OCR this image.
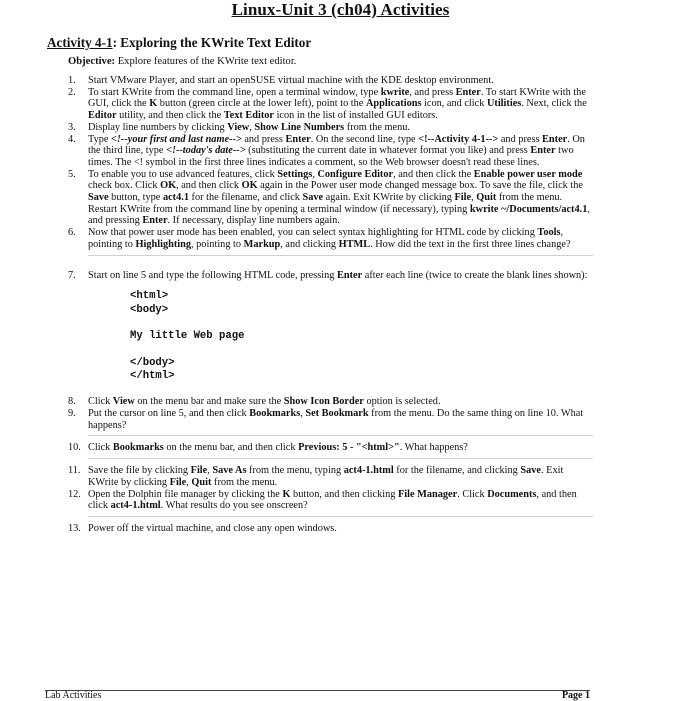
Linux-Unit 3 (ch04) Activities
Activity 4-1: Exploring the KWrite Text Editor
Objective: Explore features of the KWrite text editor.
1.	Start VMware Player, and start an openSUSE virtual machine with the KDE desktop environment.
2.	To start KWrite from the command line, open a terminal window, type kwrite, and press Enter. To start KWrite with the GUI, click the K button (green circle at the lower left), point to the Applications icon, and click Utilities. Next, click the Editor utility, and then click the Text Editor icon in the list of installed GUI editors.
3.	Display line numbers by clicking View, Show Line Numbers from the menu.
4.	Type <!--your first and last name--> and press Enter. On the second line, type <!--Activity 4-1--> and press Enter. On the third line, type <!--today's date--> (substituting the current date in whatever format you like) and press Enter two times. The <! symbol in the first three lines indicates a comment, so the Web browser doesn't read these lines.
5.	To enable you to use advanced features, click Settings, Configure Editor, and then click the Enable power user mode check box. Click OK, and then click OK again in the Power user mode changed message box. To save the file, click the Save button, type act4.1 for the filename, and click Save again. Exit KWrite by clicking File, Quit from the menu. Restart KWrite from the command line by opening a terminal window (if necessary), typing kwrite ~/Documents/act4.1, and pressing Enter. If necessary, display line numbers again.
6.	Now that power user mode has been enabled, you can select syntax highlighting for HTML code by clicking Tools, pointing to Highlighting, pointing to Markup, and clicking HTML. How did the text in the first three lines change?
7.	Start on line 5 and type the following HTML code, pressing Enter after each line (twice to create the blank lines shown):
<html>
<body>
My little Web page
</body>
</html>
8.	Click View on the menu bar and make sure the Show Icon Border option is selected.
9.	Put the cursor on line 5, and then click Bookmarks, Set Bookmark from the menu. Do the same thing on line 10. What happens?
10. Click Bookmarks on the menu bar, and then click Previous: 5 - "<html>". What happens?
11. Save the file by clicking File, Save As from the menu, typing act4-1.html for the filename, and clicking Save. Exit KWrite by clicking File, Quit from the menu.
12. Open the Dolphin file manager by clicking the K button, and then clicking File Manager. Click Documents, and then click act4-1.html. What results do you see onscreen?
13. Power off the virtual machine, and close any open windows.
Lab Activities	Page 1
